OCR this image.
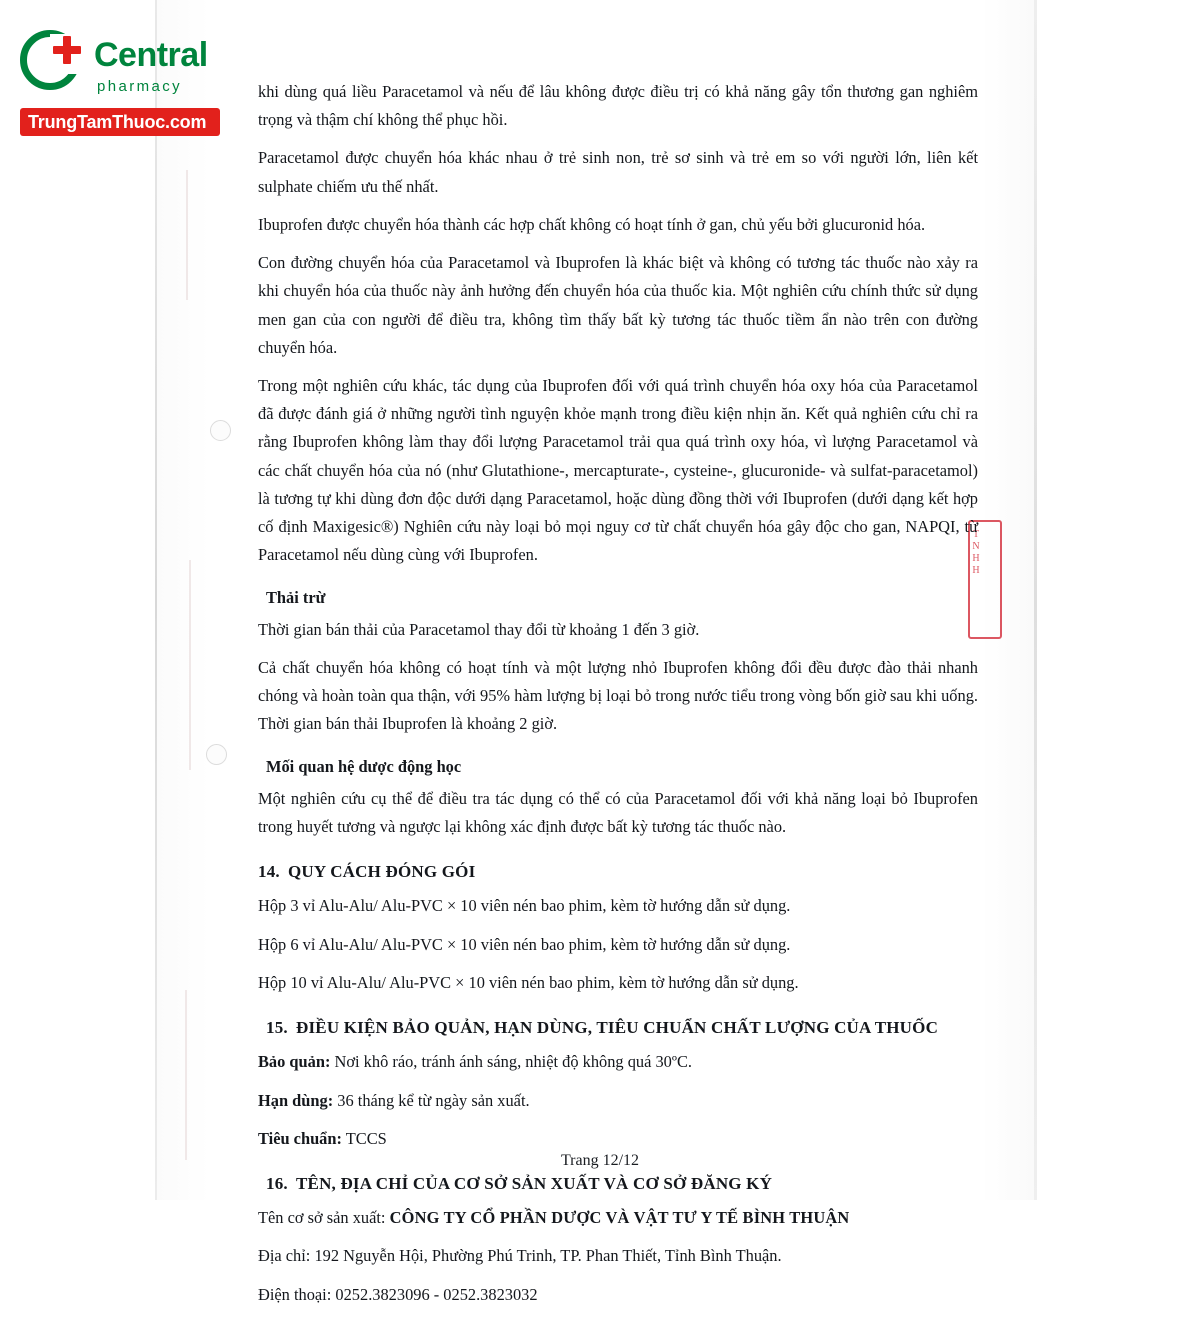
Central
pharmacy
TrungTamThuoc.com
TNHH

khi dùng quá liều Paracetamol và nếu để lâu không được điều trị có khả năng gây tổn thương gan nghiêm trọng và thậm chí không thể phục hồi.

Paracetamol được chuyển hóa khác nhau ở trẻ sinh non, trẻ sơ sinh và trẻ em so với người lớn, liên kết sulphate chiếm ưu thế nhất.

Ibuprofen được chuyển hóa thành các hợp chất không có hoạt tính ở gan, chủ yếu bởi glucuronid hóa.

Con đường chuyển hóa của Paracetamol và Ibuprofen là khác biệt và không có tương tác thuốc nào xảy ra khi chuyển hóa của thuốc này ảnh hưởng đến chuyển hóa của thuốc kia. Một nghiên cứu chính thức sử dụng men gan của con người để điều tra, không tìm thấy bất kỳ tương tác thuốc tiềm ẩn nào trên con đường chuyển hóa.

Trong một nghiên cứu khác, tác dụng của Ibuprofen đối với quá trình chuyển hóa oxy hóa của Paracetamol đã được đánh giá ở những người tình nguyện khỏe mạnh trong điều kiện nhịn ăn. Kết quả nghiên cứu chỉ ra rằng Ibuprofen không làm thay đổi lượng Paracetamol trải qua quá trình oxy hóa, vì lượng Paracetamol và các chất chuyển hóa của nó (như Glutathione-, mercapturate-, cysteine-, glucuronide- và sulfat-paracetamol) là tương tự khi dùng đơn độc dưới dạng Paracetamol, hoặc dùng đồng thời với Ibuprofen (dưới dạng kết hợp cố định Maxigesic®) Nghiên cứu này loại bỏ mọi nguy cơ từ chất chuyển hóa gây độc cho gan, NAPQI, từ Paracetamol nếu dùng cùng với Ibuprofen.

Thải trừ

Thời gian bán thải của Paracetamol thay đổi từ khoảng 1 đến 3 giờ.

Cả chất chuyển hóa không có hoạt tính và một lượng nhỏ Ibuprofen không đổi đều được đào thải nhanh chóng và hoàn toàn qua thận, với 95% hàm lượng bị loại bỏ trong nước tiểu trong vòng bốn giờ sau khi uống. Thời gian bán thải Ibuprofen là khoảng 2 giờ.

Mối quan hệ dược động học

Một nghiên cứu cụ thể để điều tra tác dụng có thể có của Paracetamol đối với khả năng loại bỏ Ibuprofen trong huyết tương và ngược lại không xác định được bất kỳ tương tác thuốc nào.

14. QUY CÁCH ĐÓNG GÓI

Hộp 3 vỉ Alu-Alu/ Alu-PVC × 10 viên nén bao phim, kèm tờ hướng dẫn sử dụng.

Hộp 6 vỉ Alu-Alu/ Alu-PVC × 10 viên nén bao phim, kèm tờ hướng dẫn sử dụng.

Hộp 10 vỉ Alu-Alu/ Alu-PVC × 10 viên nén bao phim, kèm tờ hướng dẫn sử dụng.

15. ĐIỀU KIỆN BẢO QUẢN, HẠN DÙNG, TIÊU CHUẨN CHẤT LƯỢNG CỦA THUỐC

Bảo quản: Nơi khô ráo, tránh ánh sáng, nhiệt độ không quá 30ºC.

Hạn dùng: 36 tháng kể từ ngày sản xuất.

Tiêu chuẩn: TCCS

16. TÊN, ĐỊA CHỈ CỦA CƠ SỞ SẢN XUẤT VÀ CƠ SỞ ĐĂNG KÝ

Tên cơ sở sản xuất: CÔNG TY CỔ PHẦN DƯỢC VÀ VẬT TƯ Y TẾ BÌNH THUẬN

Địa chỉ: 192 Nguyễn Hội, Phường Phú Trinh, TP. Phan Thiết, Tỉnh Bình Thuận.

Điện thoại: 0252.3823096 - 0252.3823032

Trang 12/12
